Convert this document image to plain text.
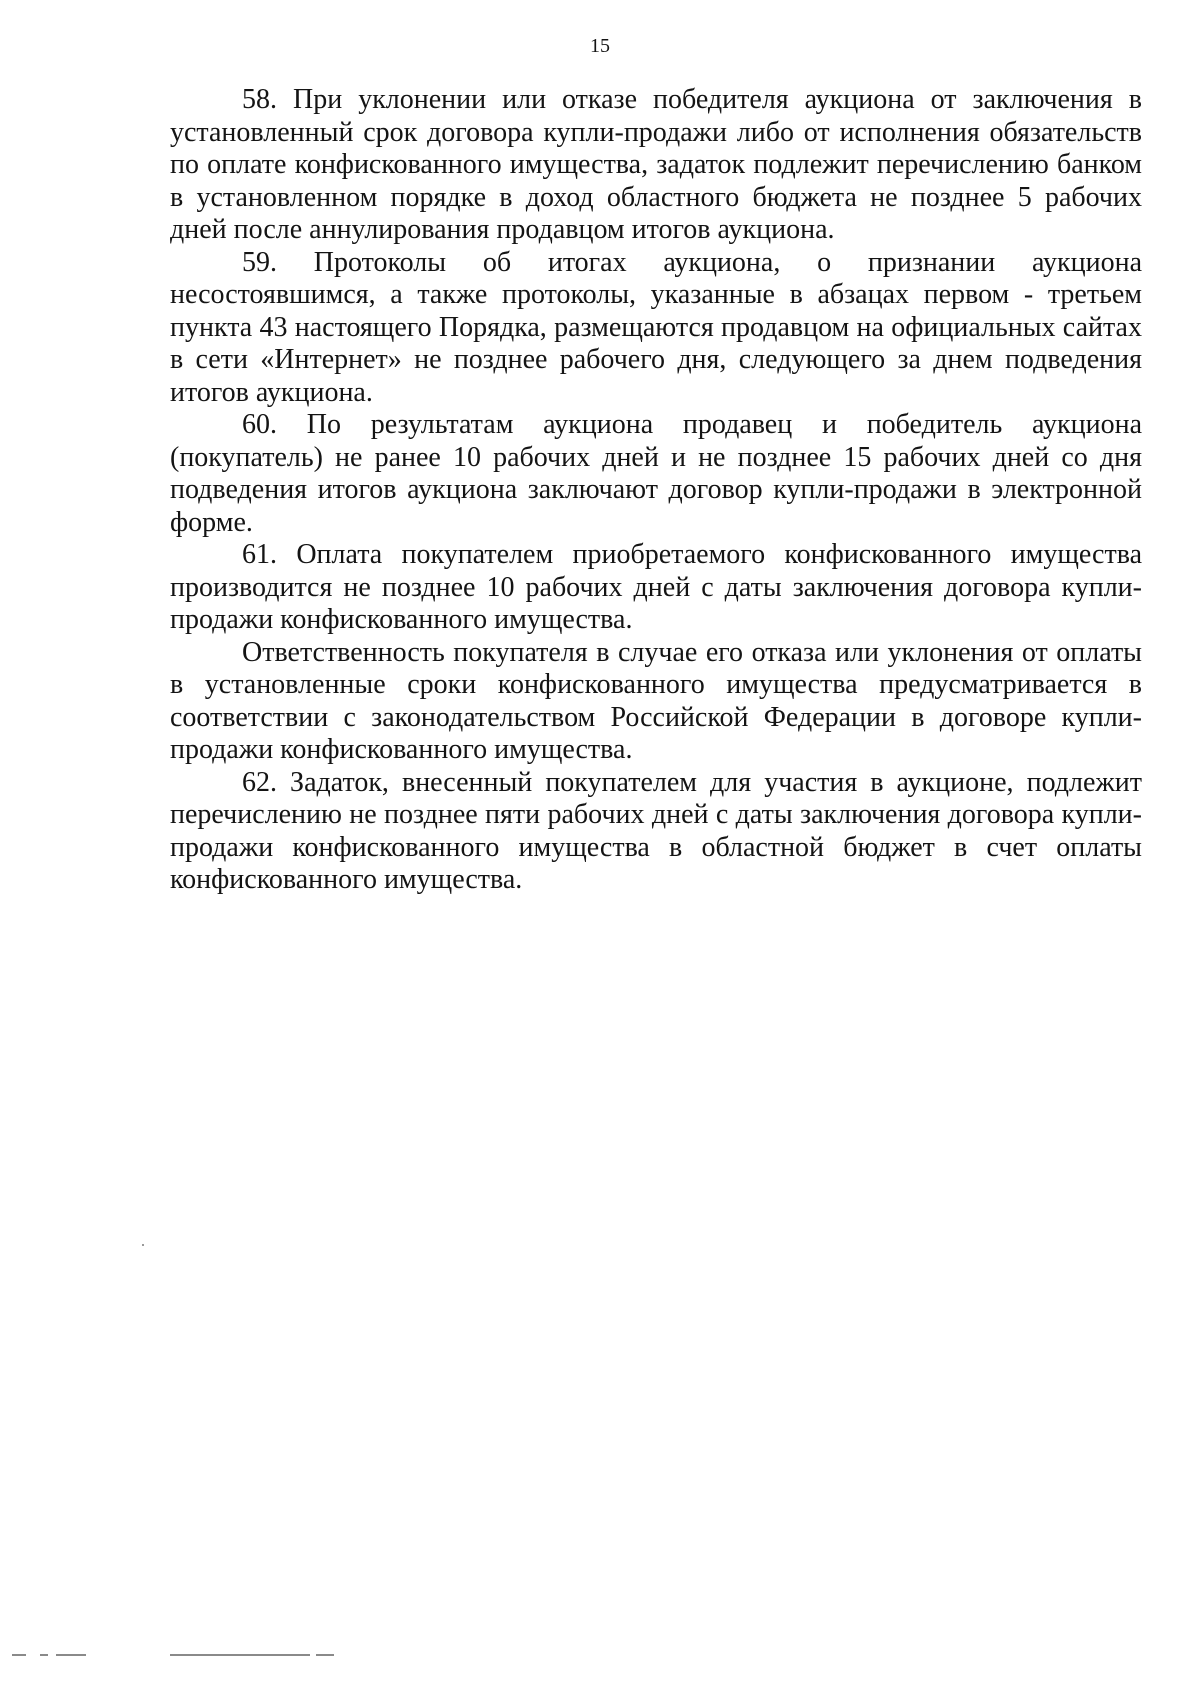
15

58. При уклонении или отказе победителя аукциона от заключения в установленный срок договора купли-продажи либо от исполнения обязательств по оплате конфискованного имущества, задаток подлежит перечислению банком в установленном порядке в доход областного бюджета не позднее 5 рабочих дней после аннулирования продавцом итогов аукциона.

59. Протоколы об итогах аукциона, о признании аукциона несостоявшимся, а также протоколы, указанные в абзацах первом - третьем пункта 43 настоящего Порядка, размещаются продавцом на официальных сайтах в сети «Интернет» не позднее рабочего дня, следующего за днем подведения итогов аукциона.

60. По результатам аукциона продавец и победитель аукциона (покупатель) не ранее 10 рабочих дней и не позднее 15 рабочих дней со дня подведения итогов аукциона заключают договор купли-продажи в электронной форме.

61. Оплата покупателем приобретаемого конфискованного имущества производится не позднее 10 рабочих дней с даты заключения договора купли-продажи конфискованного имущества.

Ответственность покупателя в случае его отказа или уклонения от оплаты в установленные сроки конфискованного имущества предусматривается в соответствии с законодательством Российской Федерации в договоре купли-продажи конфискованного имущества.

62. Задаток, внесенный покупателем для участия в аукционе, подлежит перечислению не позднее пяти рабочих дней с даты заключения договора купли-продажи конфискованного имущества в областной бюджет в счет оплаты конфискованного имущества.
